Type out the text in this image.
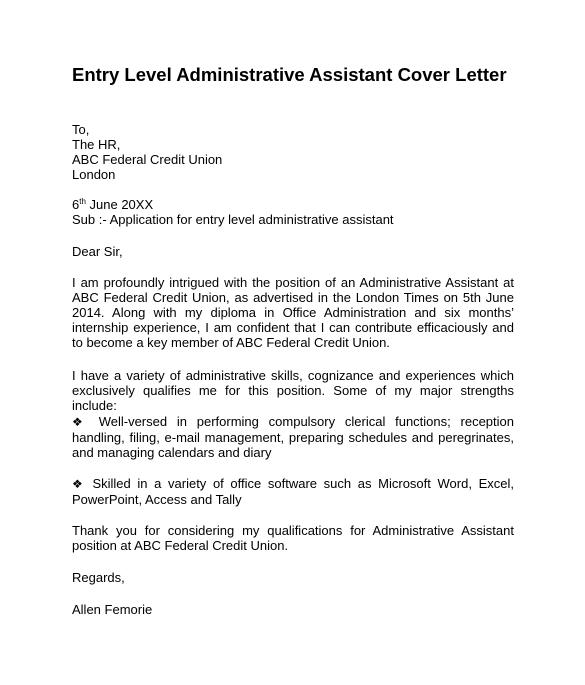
Entry Level Administrative Assistant Cover Letter
To,
The HR,
ABC Federal Credit Union
London
6th June 20XX
Sub :- Application for entry level administrative assistant
Dear Sir,
I am profoundly intrigued with the position of an Administrative Assistant at ABC Federal Credit Union, as advertised in the London Times on 5th June 2014. Along with my diploma in Office Administration and six months’ internship experience, I am confident that I can contribute efficaciously and to become a key member of ABC Federal Credit Union.
I have a variety of administrative skills, cognizance and experiences which exclusively qualifies me for this position. Some of my major strengths include:
❖ Well-versed in performing compulsory clerical functions; reception handling, filing, e-mail management, preparing schedules and peregrinates, and managing calendars and diary
❖ Skilled in a variety of office software such as Microsoft Word, Excel, PowerPoint, Access and Tally
Thank you for considering my qualifications for Administrative Assistant position at ABC Federal Credit Union.
Regards,
Allen Femorie
